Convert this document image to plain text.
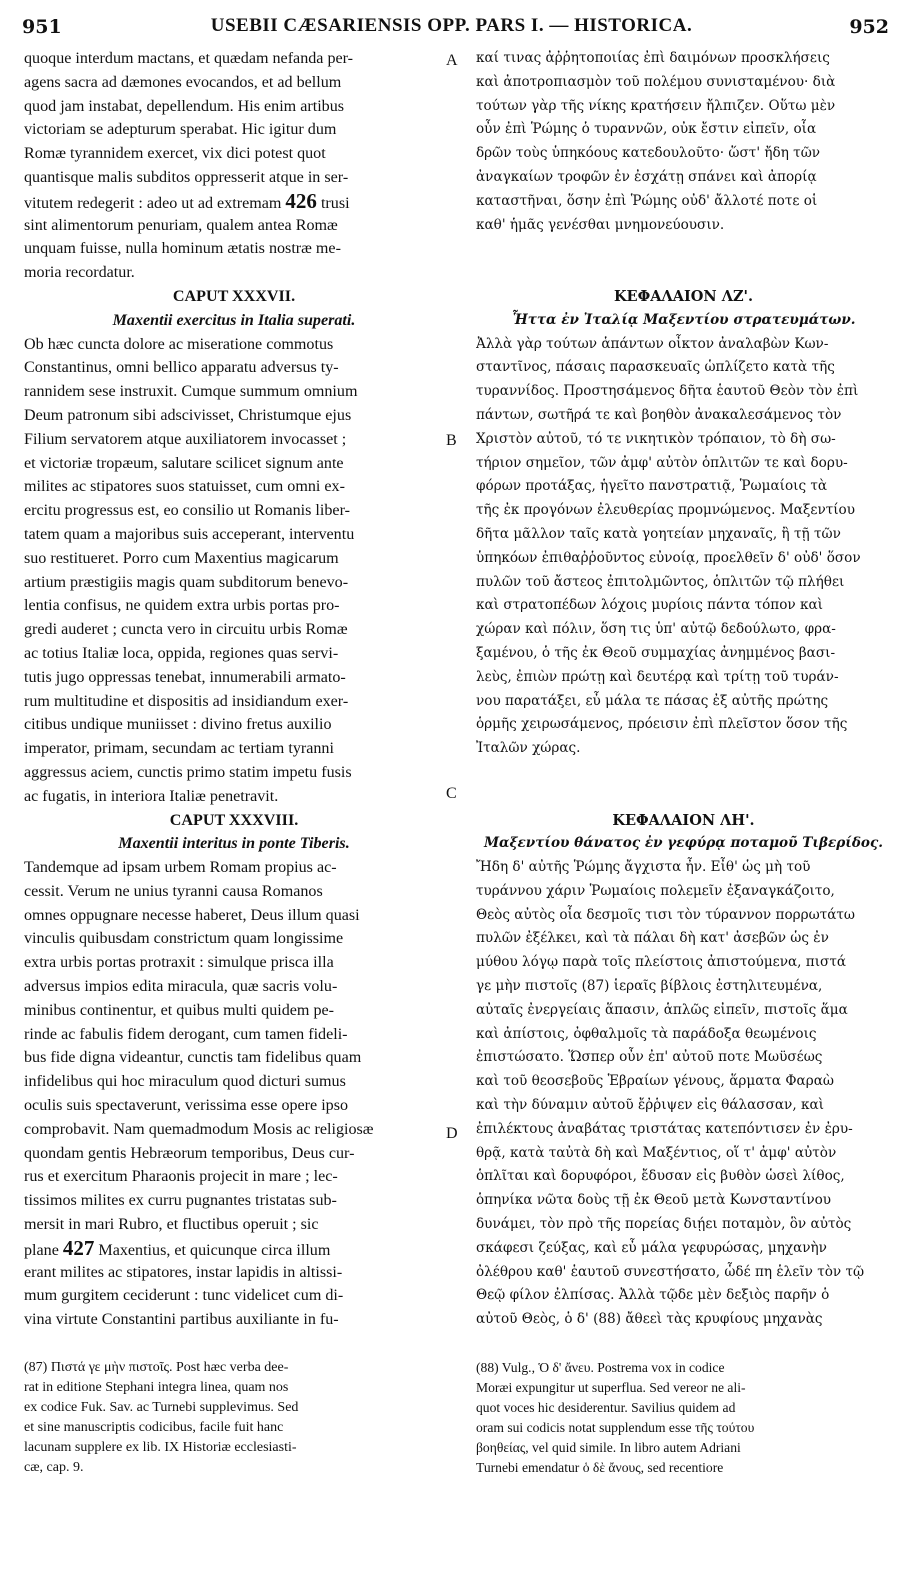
951	USEBII CÆSARIENSIS OPP. PARS I. — HISTORICA.	952
quoque interdum mactans, et quædam nefanda per-
agens sacra ad dæmones evocandos, et ad bellum
quod jam instabat, depellendum. His enim artibus
victoriam se adepturum sperabat. Hic igitur dum
Romæ tyrannidem exercet, vix dici potest quot
quantisque malis subditos oppresserit atque in ser-
vitutem redegerit : adeo ut ad extremam 426 trusi
sint alimentorum penuriam, qualem antea Romæ
unquam fuisse, nulla hominum ætatis nostræ me-
moria recordatur.
CAPUT XXXVII.
Maxentii exercitus in Italia superati.
Ob hæc cuncta dolore ac miseratione commotus
Constantinus, omni bellico apparatu adversus ty-
rannidem sese instruxit. Cumque summum omnium
Deum patronum sibi adscivisset, Christumque ejus
Filium servatorem atque auxiliatorem invocasset ;
et victoriæ tropæum, salutare scilicet signum ante
milites ac stipatores suos statuisset, cum omni ex-
ercitu progressus est, eo consilio ut Romanis liber-
tatem quam a majoribus suis acceperant, interventu
suo restitueret. Porro cum Maxentius magicarum
artium præstigiis magis quam subditorum benevo-
lentia confisus, ne quidem extra urbis portas pro-
gredi auderet ; cuncta vero in circuitu urbis Romæ
ac totius Italiæ loca, oppida, regiones quas servi-
tutis jugo oppressas tenebat, innumerabili armato-
rum multitudine et dispositis ad insidiandum exer-
citibus undique muniisset : divino fretus auxilio
imperator, primam, secundam ac tertiam tyranni
aggressus aciem, cunctis primo statim impetu fusis
ac fugatis, in interiora Italiæ penetravit.
CAPUT XXXVIII.
Maxentii interitus in ponte Tiberis.
Tandemque ad ipsam urbem Romam propius ac-
cessit. Verum ne unius tyranni causa Romanos
omnes oppugnare necesse haberet, Deus illum quasi
vinculis quibusdam constrictum quam longissime
extra urbis portas protraxit : simulque prisca illa
adversus impios edita miracula, quæ sacris volu-
minibus continentur, et quibus multi quidem pe-
rinde ac fabulis fidem derogant, cum tamen fideli-
bus fide digna videantur, cunctis tam fidelibus quam
infidelibus qui hoc miraculum quod dicturi sumus
oculis suis spectaverunt, verissima esse opere ipso
comprobavit. Nam quemadmodum Mosis ac religiosæ
quondam gentis Hebræorum temporibus, Deus cur-
rus et exercitum Pharaonis projecit in mare ; lec-
tissimos milites ex curru pugnantes tristatas sub-
mersit in mari Rubro, et fluctibus operuit ; sic
plane 427 Maxentius, et quicunque circa illum
erant milites ac stipatores, instar lapidis in altissi-
mum gurgitem ceciderunt : tunc videlicet cum di-
vina virtute Constantini partibus auxiliante in fu-
καί τινας ἀῤῥητοποιίας ἐπὶ δαιμόνων προσκλήσεις
καὶ ἀποτροπιασμὸν τοῦ πολέμου συνισταμένου· διὰ
τούτων γὰρ τῆς νίκης κρατήσειν ἤλπιζεν. Οὕτω μὲν
οὖν ἐπὶ Ῥώμης ὁ τυραννῶν, οὐκ ἔστιν εἰπεῖν, οἷα
δρῶν τοὺς ὑπηκόους κατεδουλοῦτο· ὥστ' ἤδη τῶν
ἀναγκαίων τροφῶν ἐν ἐσχάτῃ σπάνει καὶ ἀπορίᾳ
καταστῆναι, ὅσην ἐπὶ Ῥώμης οὐδ' ἄλλοτέ ποτε οἱ
καθ' ἡμᾶς γενέσθαι μνημονεύουσιν.
ΚΕΦΑΛΑΙΟΝ ΛΖ'.
Ἧττα ἐν Ἰταλίᾳ Μαξεντίου στρατευμάτων.
Ἀλλὰ γὰρ τούτων ἁπάντων οἶκτον ἀναλαβὼν Κων-
σταντῖνος, πάσαις παρασκευαῖς ὡπλίζετο κατὰ τῆς
τυραννίδος. Προστησάμενος δῆτα ἑαυτοῦ Θεὸν τὸν ἐπὶ
πάντων, σωτῆρά τε καὶ βοηθὸν ἀνακαλεσάμενος τὸν
Χριστὸν αὐτοῦ, τό τε νικητικὸν τρόπαιον, τὸ δὴ σω-
τήριον σημεῖον, τῶν ἀμφ' αὐτὸν ὁπλιτῶν τε καὶ δορυ-
φόρων προτάξας, ἡγεῖτο πανστρατιᾷ, Ῥωμαίοις τὰ
τῆς ἐκ προγόνων ἐλευθερίας προμνώμενος. Μαξεντίου
δῆτα μᾶλλον ταῖς κατὰ γοητείαν μηχαναῖς, ἢ τῇ τῶν
ὑπηκόων ἐπιθαῤῥοῦντος εὐνοίᾳ, προελθεῖν δ' οὐδ' ὅσον
πυλῶν τοῦ ἄστεος ἐπιτολμῶντος, ὁπλιτῶν τῷ πλήθει
καὶ στρατοπέδων λόχοις μυρίοις πάντα τόπον καὶ
χώραν καὶ πόλιν, ὅση τις ὑπ' αὐτῷ δεδούλωτο, φρα-
ξαμένου, ὁ τῆς ἐκ Θεοῦ συμμαχίας ἀνημμένος βασι-
λεὺς, ἐπιὼν πρώτῃ καὶ δευτέρᾳ καὶ τρίτῃ τοῦ τυράν-
νου παρατάξει, εὖ μάλα τε πάσας ἐξ αὐτῆς πρώτης
ὁρμῆς χειρωσάμενος, πρόεισιν ἐπὶ πλεῖστον ὅσον τῆς
Ἰταλῶν χώρας.
ΚΕΦΑΛΑΙΟΝ ΛΗ'.
Μαξεντίου θάνατος ἐν γεφύρᾳ ποταμοῦ Τιβερίδος.
Ἤδη δ' αὐτῆς Ῥώμης ἄγχιστα ἦν. Εἶθ' ὡς μὴ τοῦ
τυράννου χάριν Ῥωμαίοις πολεμεῖν ἐξαναγκάζοιτο,
Θεὸς αὐτὸς οἷα δεσμοῖς τισι τὸν τύραννον πορρωτάτω
πυλῶν ἐξέλκει, καὶ τὰ πάλαι δὴ κατ' ἀσεβῶν ὡς ἐν
μύθου λόγῳ παρὰ τοῖς πλείστοις ἀπιστούμενα, πιστά
γε μὴν πιστοῖς (87) ἱεραῖς βίβλοις ἐστηλιτευμένα,
αὐταῖς ἐνεργείαις ἅπασιν, ἁπλῶς εἰπεῖν, πιστοῖς ἅμα
καὶ ἀπίστοις, ὀφθαλμοῖς τὰ παράδοξα θεωμένοις
ἐπιστώσατο. Ὥσπερ οὖν ἐπ' αὐτοῦ ποτε Μωϋσέως
καὶ τοῦ θεοσεβοῦς Ἑβραίων γένους, ἅρματα Φαραὼ
καὶ τὴν δύναμιν αὐτοῦ ἔῤῥιψεν εἰς θάλασσαν, καὶ
ἐπιλέκτους ἀναβάτας τριστάτας κατεπόντισεν ἐν ἐρυ-
θρᾷ, κατὰ ταὐτὰ δὴ καὶ Μαξέντιος, οἵ τ' ἀμφ' αὐτὸν
ὁπλῖται καὶ δορυφόροι, ἔδυσαν εἰς βυθὸν ὡσεὶ λίθος,
ὁπηνίκα νῶτα δοὺς τῇ ἐκ Θεοῦ μετὰ Κωνσταντίνου
δυνάμει, τὸν πρὸ τῆς πορείας διῄει ποταμὸν, ὃν αὐτὸς
σκάφεσι ζεύξας, καὶ εὖ μάλα γεφυρώσας, μηχανὴν
ὀλέθρου καθ' ἑαυτοῦ συνεστήσατο, ὧδέ πη ἑλεῖν τὸν τῷ
Θεῷ φίλον ἐλπίσας. Ἀλλὰ τῷδε μὲν δεξιὸς παρῆν ὁ
αὐτοῦ Θεὸς, ὁ δ' (88) ἄθεεὶ τὰς κρυφίους μηχανὰς
A
B
C
D
(87) Πιστά γε μὴν πιστοῖς. Post hæc verba dee-
rat in editione Stephani integra linea, quam nos
ex codice Fuk. Sav. ac Turnebi supplevimus. Sed
et sine manuscriptis codicibus, facile fuit hanc
lacunam supplere ex lib. IX Historiæ ecclesiasti-
cæ, cap. 9.
(88) Vulg., Ὁ δ' ἄνευ. Postrema vox in codice
Moræi expungitur ut superflua. Sed vereor ne ali-
quot voces hic desiderentur. Savilius quidem ad
oram sui codicis notat supplendum esse τῆς τούτου
βοηθείας, vel quid simile. In libro autem Adriani
Turnebi emendatur ὁ δὲ ἄνους, sed recentiore
